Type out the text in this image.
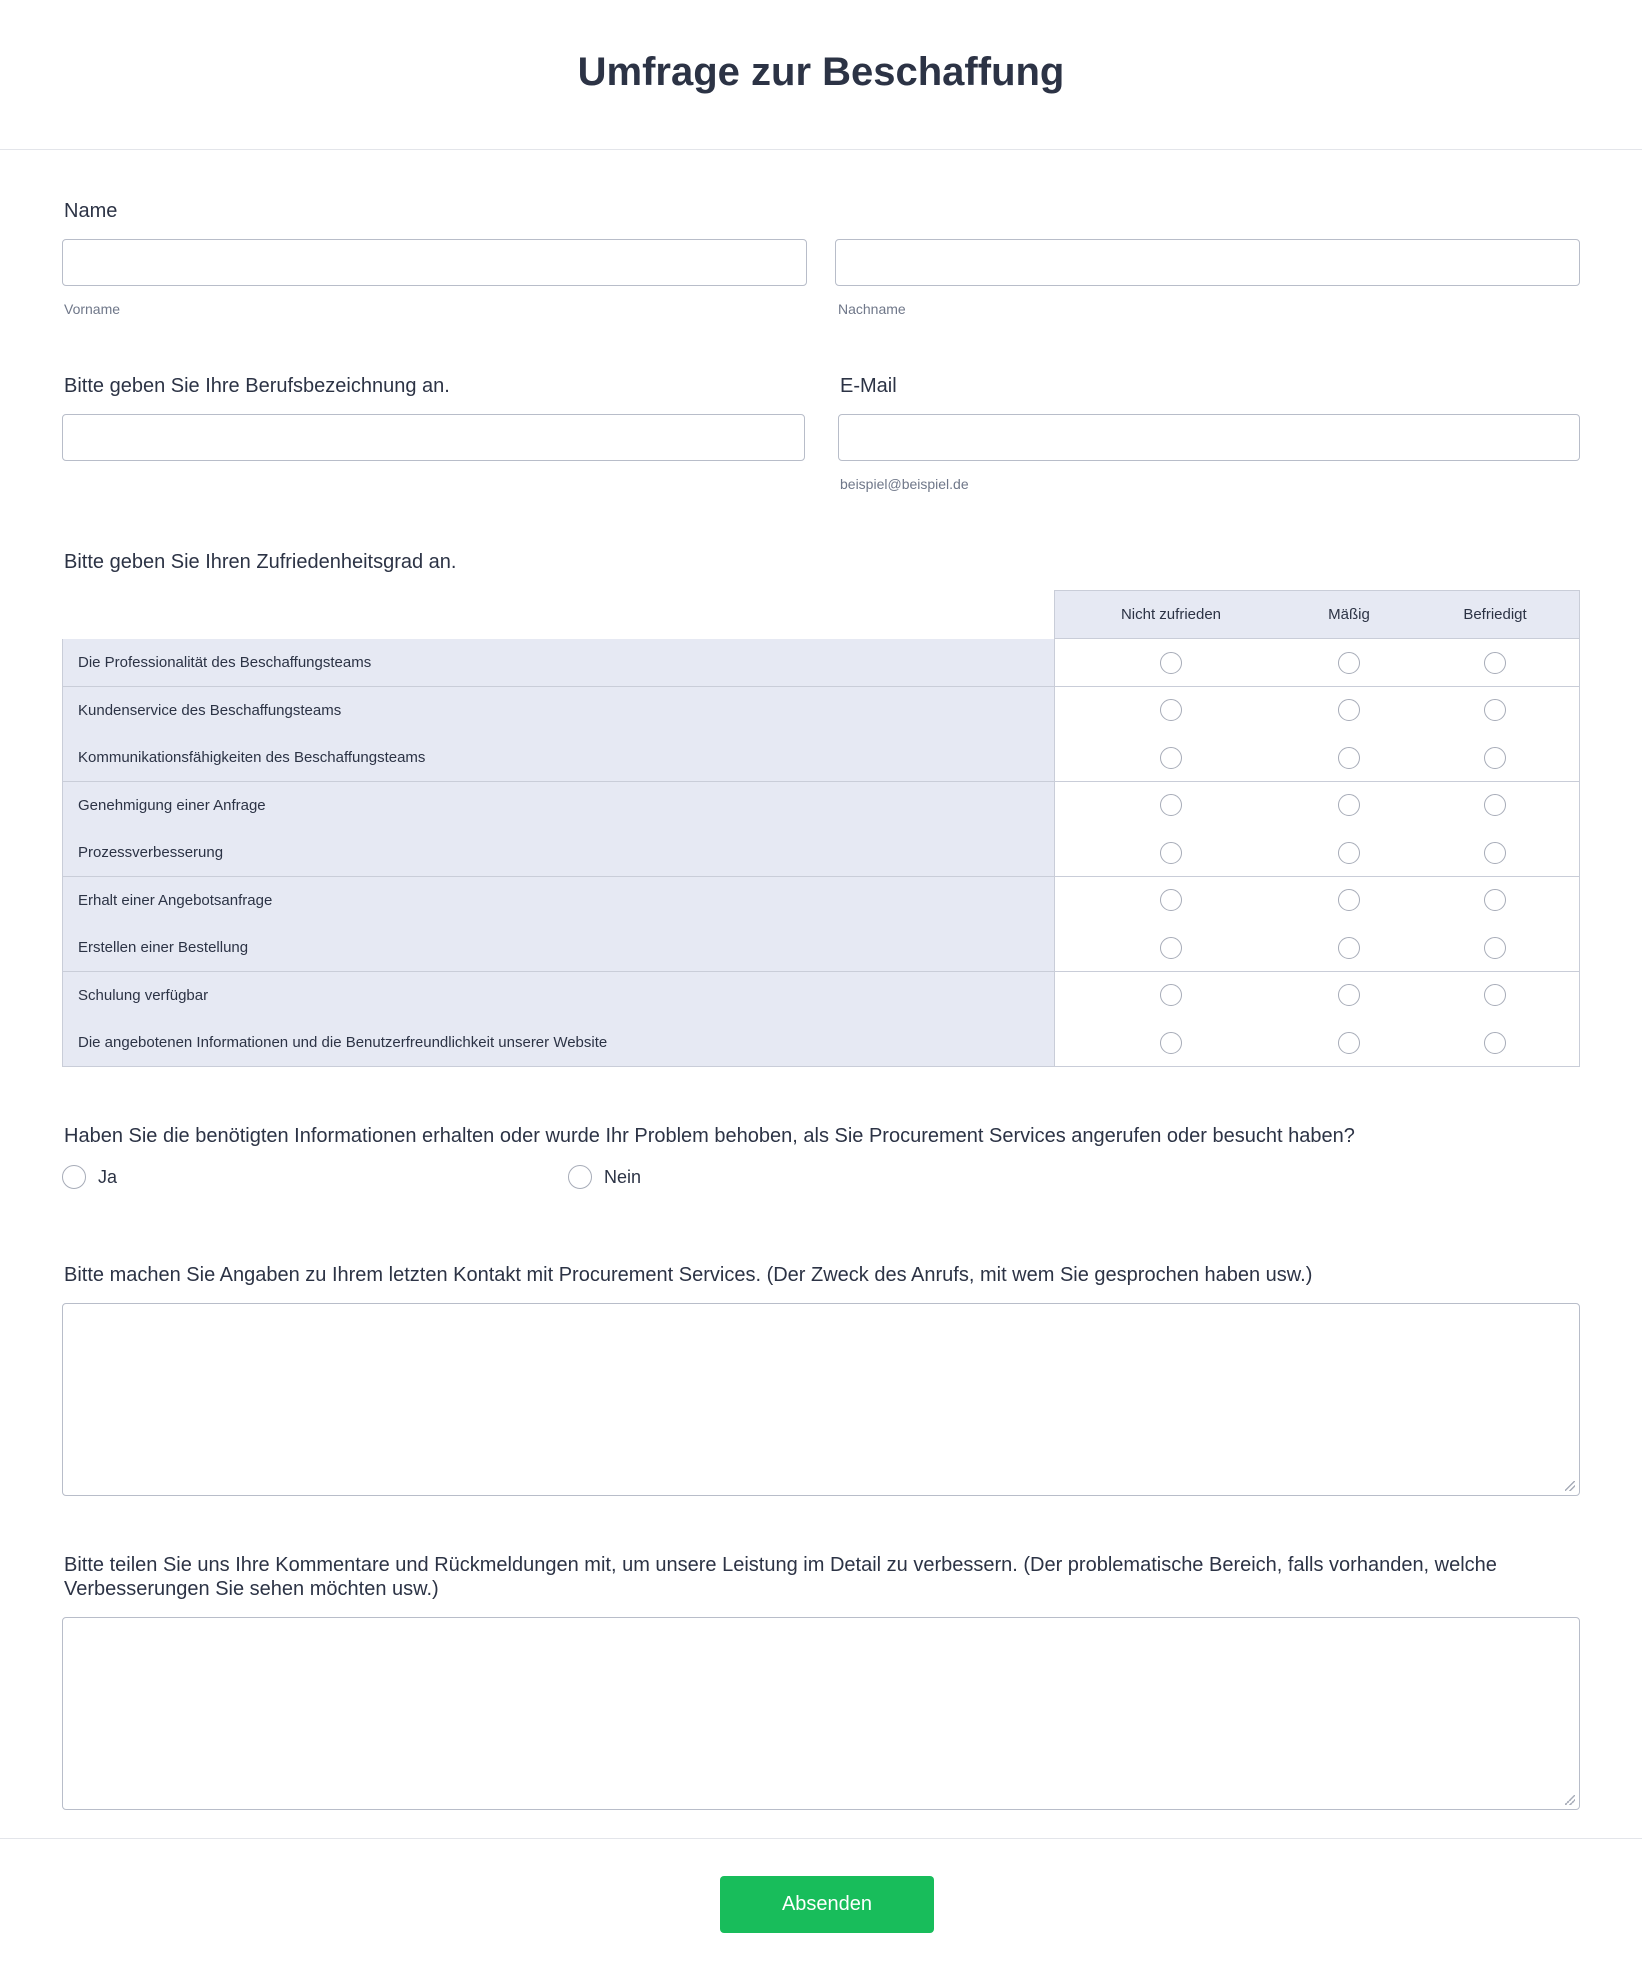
Umfrage zur Beschaffung
Name
Vorname	Nachname
Bitte geben Sie Ihre Berufsbezeichnung an.	E-Mail
beispiel@beispiel.de
Bitte geben Sie Ihren Zufriedenheitsgrad an.
Nicht zufrieden	Mäßig	Befriedigt
Die Professionalität des Beschaffungsteams
Kundenservice des Beschaffungsteams
Kommunikationsfähigkeiten des Beschaffungsteams
Genehmigung einer Anfrage
Prozessverbesserung
Erhalt einer Angebotsanfrage
Erstellen einer Bestellung
Schulung verfügbar
Die angebotenen Informationen und die Benutzerfreundlichkeit unserer Website
Haben Sie die benötigten Informationen erhalten oder wurde Ihr Problem behoben, als Sie Procurement Services angerufen oder besucht haben?
Ja	Nein
Bitte machen Sie Angaben zu Ihrem letzten Kontakt mit Procurement Services. (Der Zweck des Anrufs, mit wem Sie gesprochen haben usw.)
Bitte teilen Sie uns Ihre Kommentare und Rückmeldungen mit, um unsere Leistung im Detail zu verbessern. (Der problematische Bereich, falls vorhanden, welche
Verbesserungen Sie sehen möchten usw.)
Absenden
